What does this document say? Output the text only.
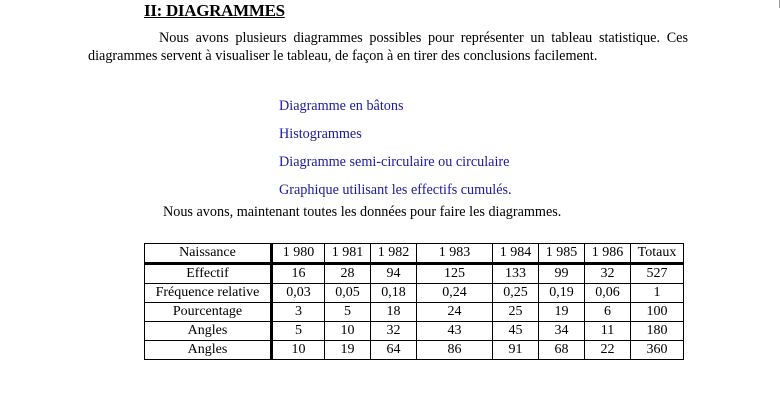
II: DIAGRAMMES

Nous avons plusieurs diagrammes possibles pour représenter un tableau statistique. Ces diagrammes servent à visualiser le tableau, de façon à en tirer des conclusions facilement.

Diagramme en bâtons
Histogrammes
Diagramme semi-circulaire ou circulaire
Graphique utilisant les effectifs cumulés.

Nous avons, maintenant toutes les données pour faire les diagrammes.

Naissance	1 980	1 981	1 982	1 983	1 984	1 985	1 986	Totaux
Effectif	16	28	94	125	133	99	32	527
Fréquence relative	0,03	0,05	0,18	0,24	0,25	0,19	0,06	1
Pourcentage	3	5	18	24	25	19	6	100
Angles	5	10	32	43	45	34	11	180
Angles	10	19	64	86	91	68	22	360
